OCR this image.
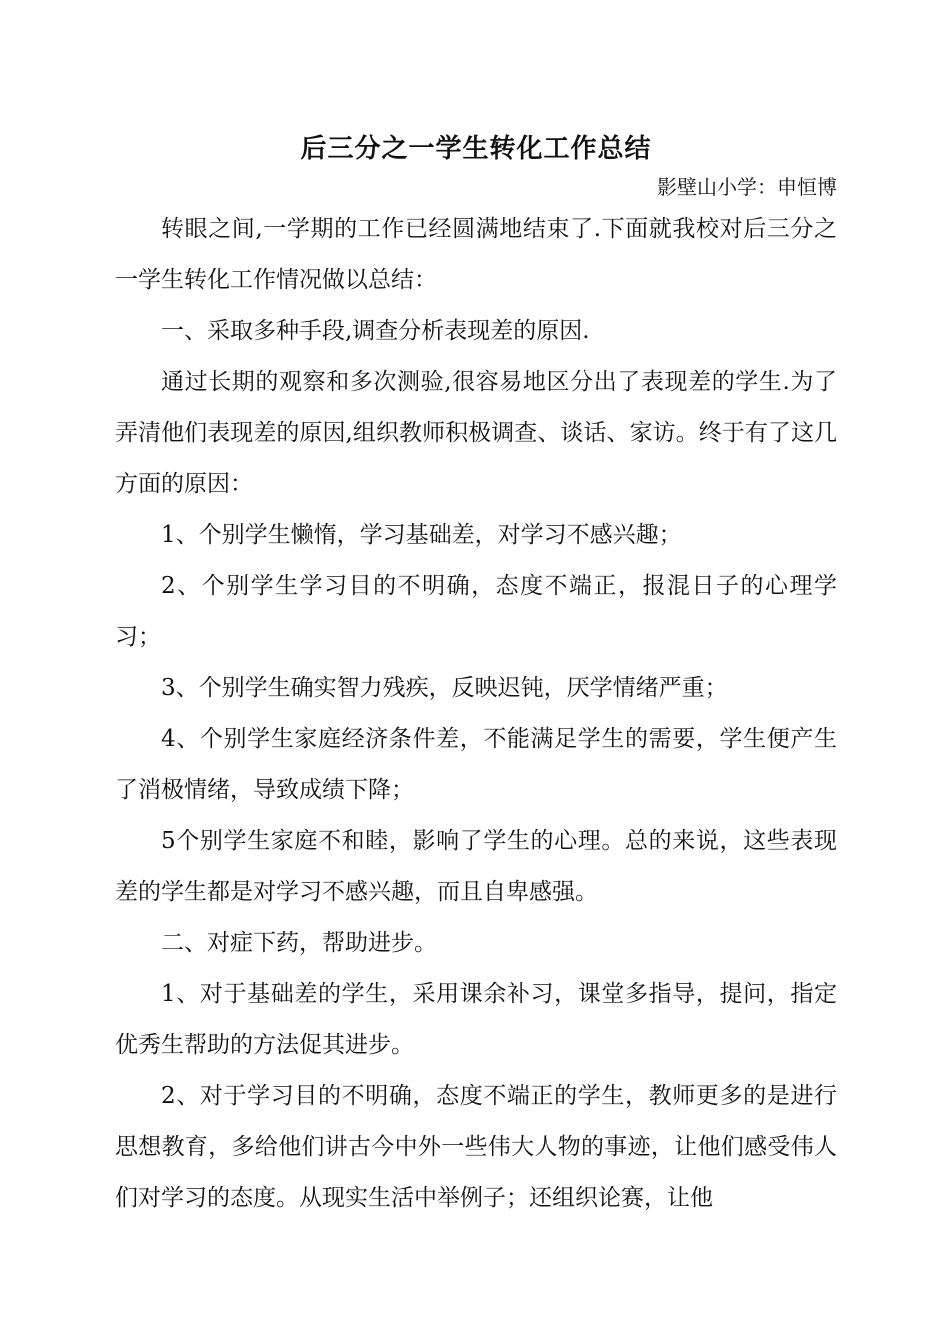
后三分之一学生转化工作总结

影壁山小学：申恒博

转眼之间,一学期的工作已经圆满地结束了.下面就我校对后三分之一学生转化工作情况做以总结：

一、采取多种手段,调查分析表现差的原因.

通过长期的观察和多次测验,很容易地区分出了表现差的学生.为了弄清他们表现差的原因,组织教师积极调查、谈话、家访。终于有了这几方面的原因：

1、个别学生懒惰，学习基础差，对学习不感兴趣；

2、个别学生学习目的不明确，态度不端正，报混日子的心理学习；

3、个别学生确实智力残疾，反映迟钝，厌学情绪严重；

4、个别学生家庭经济条件差，不能满足学生的需要，学生便产生了消极情绪，导致成绩下降；

5个别学生家庭不和睦，影响了学生的心理。总的来说，这些表现差的学生都是对学习不感兴趣，而且自卑感强。

二、对症下药，帮助进步。

1、对于基础差的学生，采用课余补习，课堂多指导，提问，指定优秀生帮助的方法促其进步。

2、对于学习目的不明确，态度不端正的学生，教师更多的是进行思想教育，多给他们讲古今中外一些伟大人物的事迹，让他们感受伟人们对学习的态度。从现实生活中举例子；还组织论赛，让他
